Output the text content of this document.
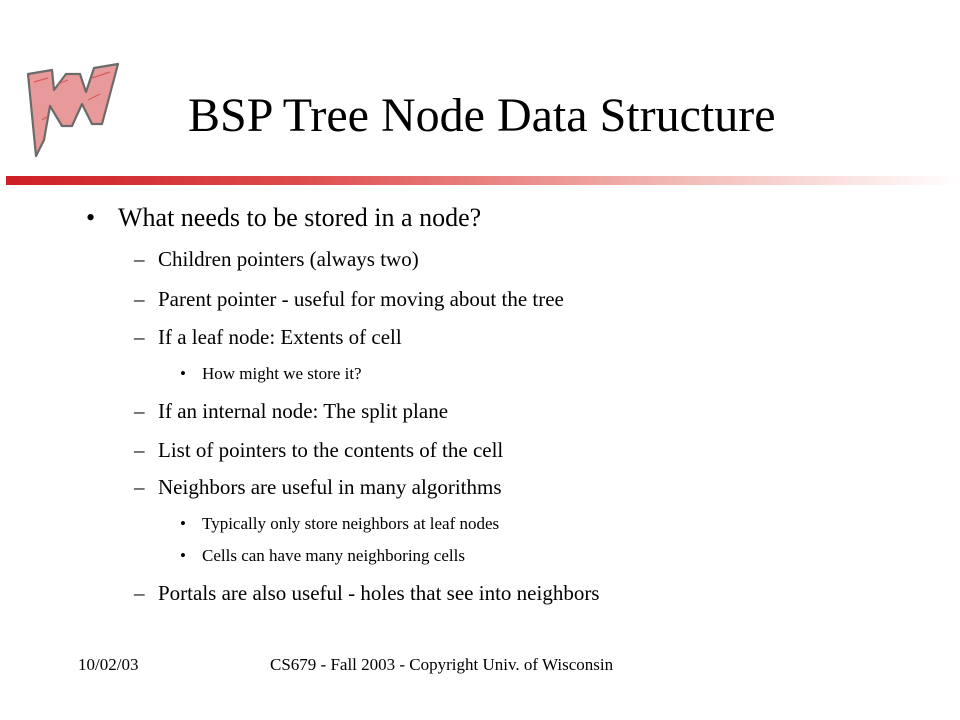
BSP Tree Node Data Structure
• What needs to be stored in a node?
– Children pointers (always two)
– Parent pointer - useful for moving about the tree
– If a leaf node: Extents of cell
• How might we store it?
– If an internal node: The split plane
– List of pointers to the contents of the cell
– Neighbors are useful in many algorithms
• Typically only store neighbors at leaf nodes
• Cells can have many neighboring cells
– Portals are also useful - holes that see into neighbors
10/02/03	CS679 - Fall 2003 - Copyright Univ. of Wisconsin
